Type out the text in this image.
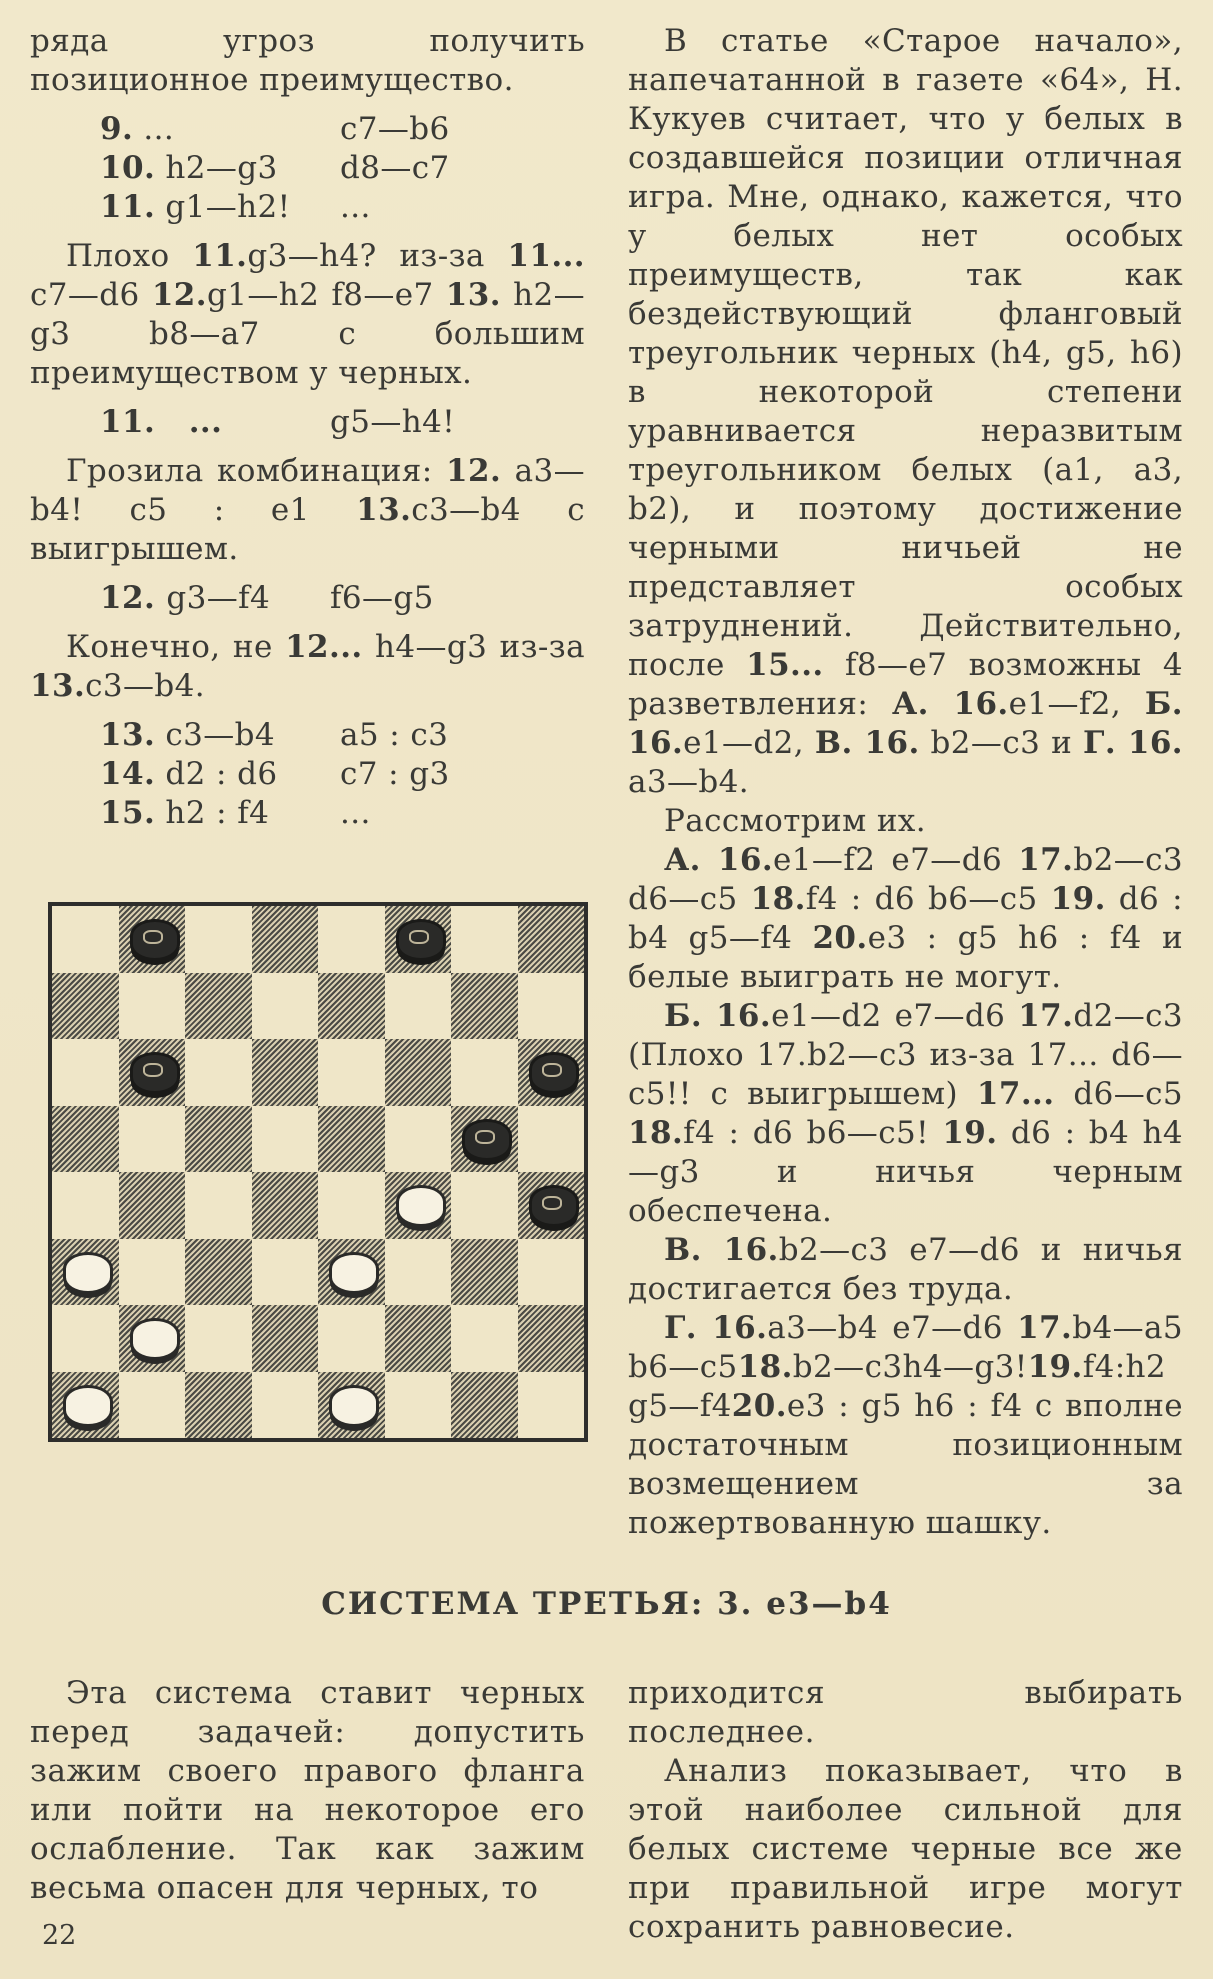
ряда угроз получить позиционное преимущество.

9. ...	c7—b6
10. h2—g3	d8—c7
11. g1—h2!	...

Плохо 11.g3—h4? из-за 11... c7—d6 12.g1—h2 f8—e7 13. h2—g3 b8—a7 с большим преимуществом у черных.

11. ...	g5—h4!

Грозила комбинация: 12. a3—b4! c5 : e1 13.c3—b4 с выигрышем.

12. g3—f4	f6—g5

Конечно, не 12... h4—g3 из-за 13.c3—b4.

13. c3—b4	a5 : c3
14. d2 : d6	c7 : g3
15. h2 : f4	...

В статье «Старое начало», напечатанной в газете «64», Н. Кукуев считает, что у белых в создавшейся позиции отличная игра. Мне, однако, кажется, что у белых нет особых преимуществ, так как бездействующий фланговый треугольник черных (h4, g5, h6) в некоторой степени уравнивается неразвитым треугольником белых (a1, a3, b2), и поэтому достижение черными ничьей не представляет особых затруднений. Действительно, после 15... f8—e7 возможны 4 разветвления: А. 16.e1—f2, Б. 16.e1—d2, В. 16. b2—c3 и Г. 16. a3—b4.

Рассмотрим их.

А. 16.e1—f2 e7—d6 17.b2—c3 d6—c5 18.f4 : d6 b6—c5 19. d6 : b4 g5—f4 20.e3 : g5 h6 : f4 и белые выиграть не могут.

Б. 16.e1—d2 e7—d6 17.d2—c3 (Плохо 17.b2—c3 из-за 17... d6—c5!! с выигрышем) 17... d6—c5 18.f4 : d6 b6—c5! 19. d6 : b4 h4—g3 и ничья черным обеспечена.

В. 16.b2—c3 e7—d6 и ничья достигается без труда.

Г. 16.a3—b4 e7—d6 17.b4—a5 b6—c518.b2—c3h4—g3!19.f4:h2 g5—f420.e3 : g5 h6 : f4 с вполне достаточным позиционным возмещением за пожертвованную шашку.

СИСТЕМА ТРЕТЬЯ: 3. e3—b4

Эта система ставит черных перед задачей: допустить зажим своего правого фланга или пойти на некоторое его ослабление. Так как зажим весьма опасен для черных, то

приходится выбирать последнее.

Анализ показывает, что в этой наиболее сильной для белых системе черные все же при правильной игре могут сохранить равновесие.

22
